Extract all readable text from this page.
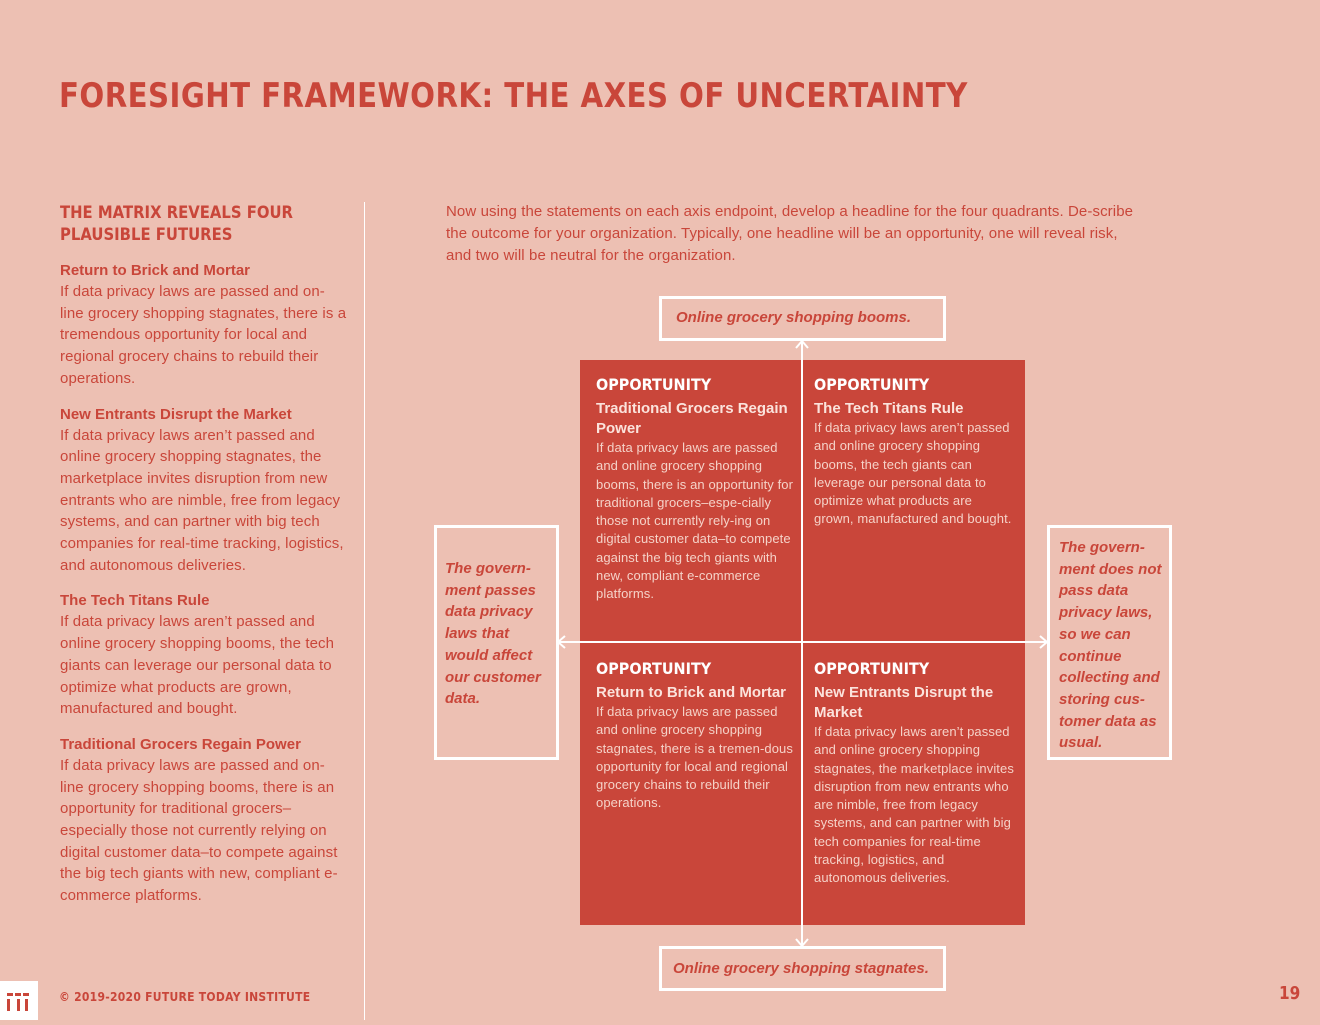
FORESIGHT FRAMEWORK: THE AXES OF UNCERTAINTY
THE MATRIX REVEALS FOUR PLAUSIBLE FUTURES
Return to Brick and Mortar
If data privacy laws are passed and on-line grocery shopping stagnates, there is a tremendous opportunity for local and regional grocery chains to rebuild their operations.
New Entrants Disrupt the Market
If data privacy laws aren’t passed and online grocery shopping stagnates, the marketplace invites disruption from new entrants who are nimble, free from legacy systems, and can partner with big tech companies for real-time tracking, logistics, and autonomous deliveries.
The Tech Titans Rule
If data privacy laws aren’t passed and online grocery shopping booms, the tech giants can leverage our personal data to optimize what products are grown, manufactured and bought.
Traditional Grocers Regain Power
If data privacy laws are passed and on-line grocery shopping booms, there is an opportunity for traditional grocers–especially those not currently relying on digital customer data–to compete against the big tech giants with new, compliant e-commerce platforms.
Now using the statements on each axis endpoint, develop a headline for the four quadrants. De-scribe the outcome for your organization. Typically, one headline will be an opportunity, one will reveal risk, and two will be neutral for the organization.
OPPORTUNITY
Traditional Grocers Regain Power
If data privacy laws are passed and online grocery shopping booms, there is an opportunity for traditional grocers–espe-cially those not currently rely-ing on digital customer data–to compete against the big tech giants with new, compliant e-commerce platforms.
OPPORTUNITY
The Tech Titans Rule
If data privacy laws aren’t passed and online grocery shopping booms, the tech giants can leverage our personal data to optimize what products are grown, manufactured and bought.
OPPORTUNITY
Return to Brick and Mortar
If data privacy laws are passed and online grocery shopping stagnates, there is a tremen-dous opportunity for local and regional grocery chains to rebuild their operations.
OPPORTUNITY
New Entrants Disrupt the Market
If data privacy laws aren’t passed and online grocery shopping stagnates, the marketplace invites disruption from new entrants who are nimble, free from legacy systems, and can partner with big tech companies for real-time tracking, logistics, and autonomous deliveries.
Online grocery shopping booms.
Online grocery shopping stagnates.
The govern-ment passes data privacy laws that would affect our customer data.
The govern-ment does not pass data privacy laws, so we can continue collecting and storing cus-tomer data as usual.
© 2019-2020 FUTURE TODAY INSTITUTE	19
